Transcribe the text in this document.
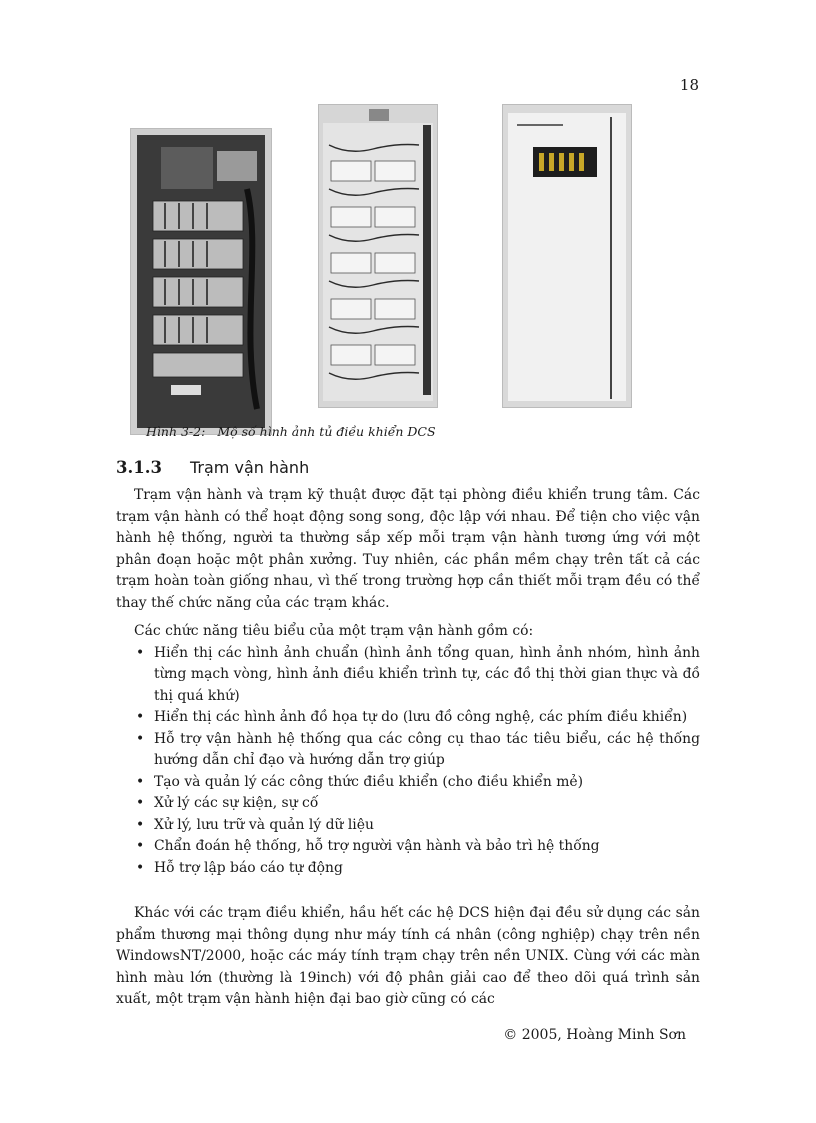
18
Hình 3-2: Mộ số hình ảnh tủ điều khiển DCS
3.1.3 Trạm vận hành

Trạm vận hành và trạm kỹ thuật được đặt tại phòng điều khiển trung tâm. Các trạm vận hành có thể hoạt động song song, độc lập với nhau. Để tiện cho việc vận hành hệ thống, người ta thường sắp xếp mỗi trạm vận hành tương ứng với một phân đoạn hoặc một phân xưởng. Tuy nhiên, các phần mềm chạy trên tất cả các trạm hoàn toàn giống nhau, vì thế trong trường hợp cần thiết mỗi trạm đều có thể thay thế chức năng của các trạm khác.

Các chức năng tiêu biểu của một trạm vận hành gồm có:

• Hiển thị các hình ảnh chuẩn (hình ảnh tổng quan, hình ảnh nhóm, hình ảnh từng mạch vòng, hình ảnh điều khiển trình tự, các đồ thị thời gian thực và đồ thị quá khứ)
• Hiển thị các hình ảnh đồ họa tự do (lưu đồ công nghệ, các phím điều khiển)
• Hỗ trợ vận hành hệ thống qua các công cụ thao tác tiêu biểu, các hệ thống hướng dẫn chỉ đạo và hướng dẫn trợ giúp
• Tạo và quản lý các công thức điều khiển (cho điều khiển mẻ)
• Xử lý các sự kiện, sự cố
• Xử lý, lưu trữ và quản lý dữ liệu
• Chẩn đoán hệ thống, hỗ trợ người vận hành và bảo trì hệ thống
• Hỗ trợ lập báo cáo tự động

Khác với các trạm điều khiển, hầu hết các hệ DCS hiện đại đều sử dụng các sản phẩm thương mại thông dụng như máy tính cá nhân (công nghiệp) chạy trên nền WindowsNT/2000, hoặc các máy tính trạm chạy trên nền UNIX. Cùng với các màn hình màu lớn (thường là 19inch) với độ phân giải cao để theo dõi quá trình sản xuất, một trạm vận hành hiện đại bao giờ cũng có các

© 2005, Hoàng Minh Sơn
